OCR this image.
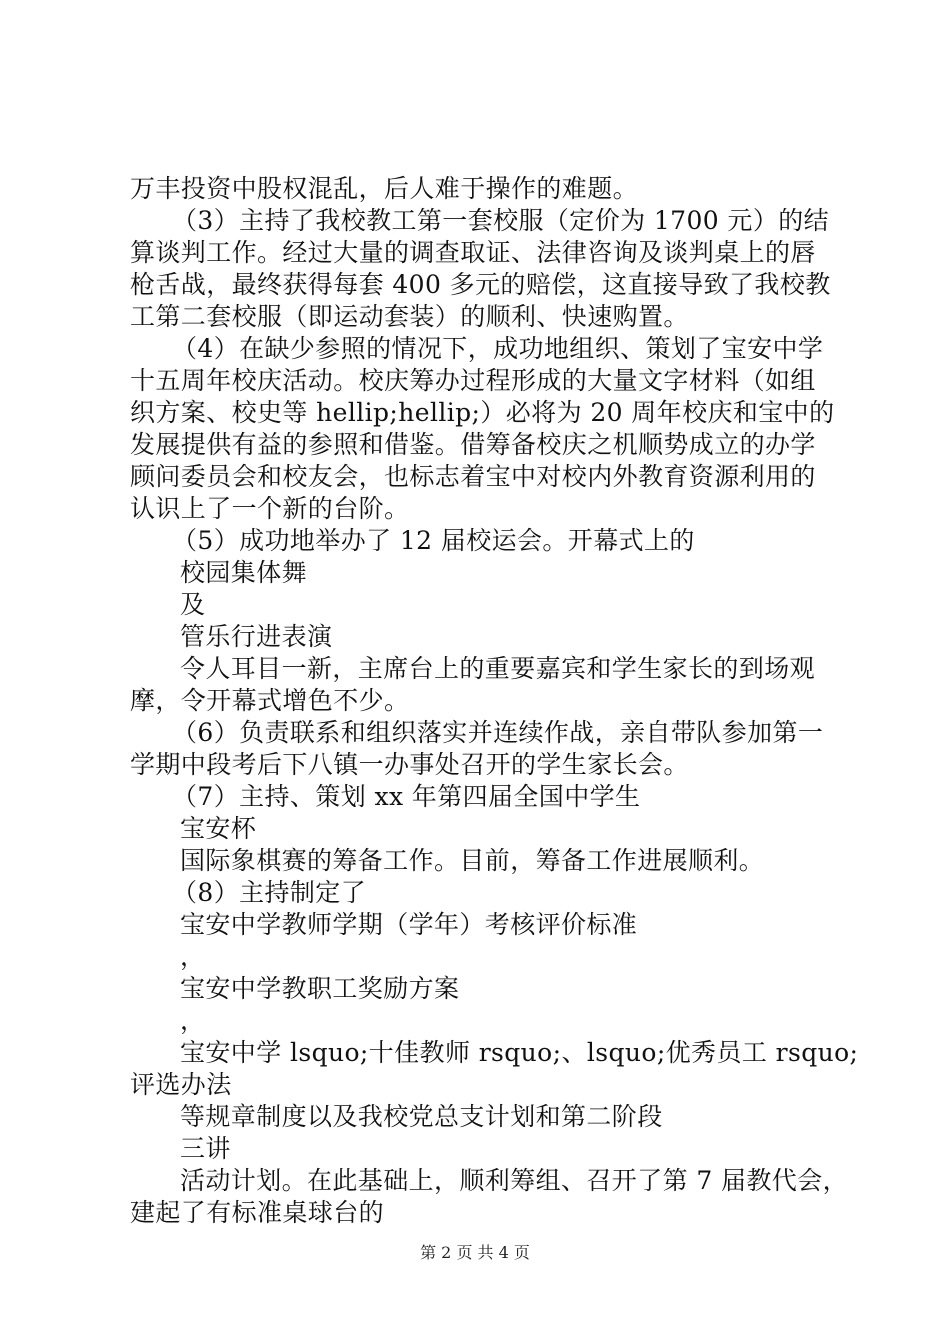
万丰投资中股权混乱，后人难于操作的难题。
（3）主持了我校教工第一套校服（定价为 1700 元）的结
算谈判工作。经过大量的调查取证、法律咨询及谈判桌上的唇
枪舌战，最终获得每套 400 多元的赔偿，这直接导致了我校教
工第二套校服（即运动套装）的顺利、快速购置。
（4）在缺少参照的情况下，成功地组织、策划了宝安中学
十五周年校庆活动。校庆筹办过程形成的大量文字材料（如组
织方案、校史等 hellip;hellip;）必将为 20 周年校庆和宝中的
发展提供有益的参照和借鉴。借筹备校庆之机顺势成立的办学
顾问委员会和校友会，也标志着宝中对校内外教育资源利用的
认识上了一个新的台阶。
（5）成功地举办了 12 届校运会。开幕式上的
校园集体舞
及
管乐行进表演
令人耳目一新，主席台上的重要嘉宾和学生家长的到场观
摩，令开幕式增色不少。
（6）负责联系和组织落实并连续作战，亲自带队参加第一
学期中段考后下八镇一办事处召开的学生家长会。
（7）主持、策划 xx 年第四届全国中学生
宝安杯
国际象棋赛的筹备工作。目前，筹备工作进展顺利。
（8）主持制定了
宝安中学教师学期（学年）考核评价标准
，
宝安中学教职工奖励方案
，
宝安中学 lsquo;十佳教师 rsquo;、lsquo;优秀员工 rsquo;
评选办法
等规章制度以及我校党总支计划和第二阶段
三讲
活动计划。在此基础上，顺利筹组、召开了第 7 届教代会，
建起了有标准桌球台的
第 2 页 共 4 页
